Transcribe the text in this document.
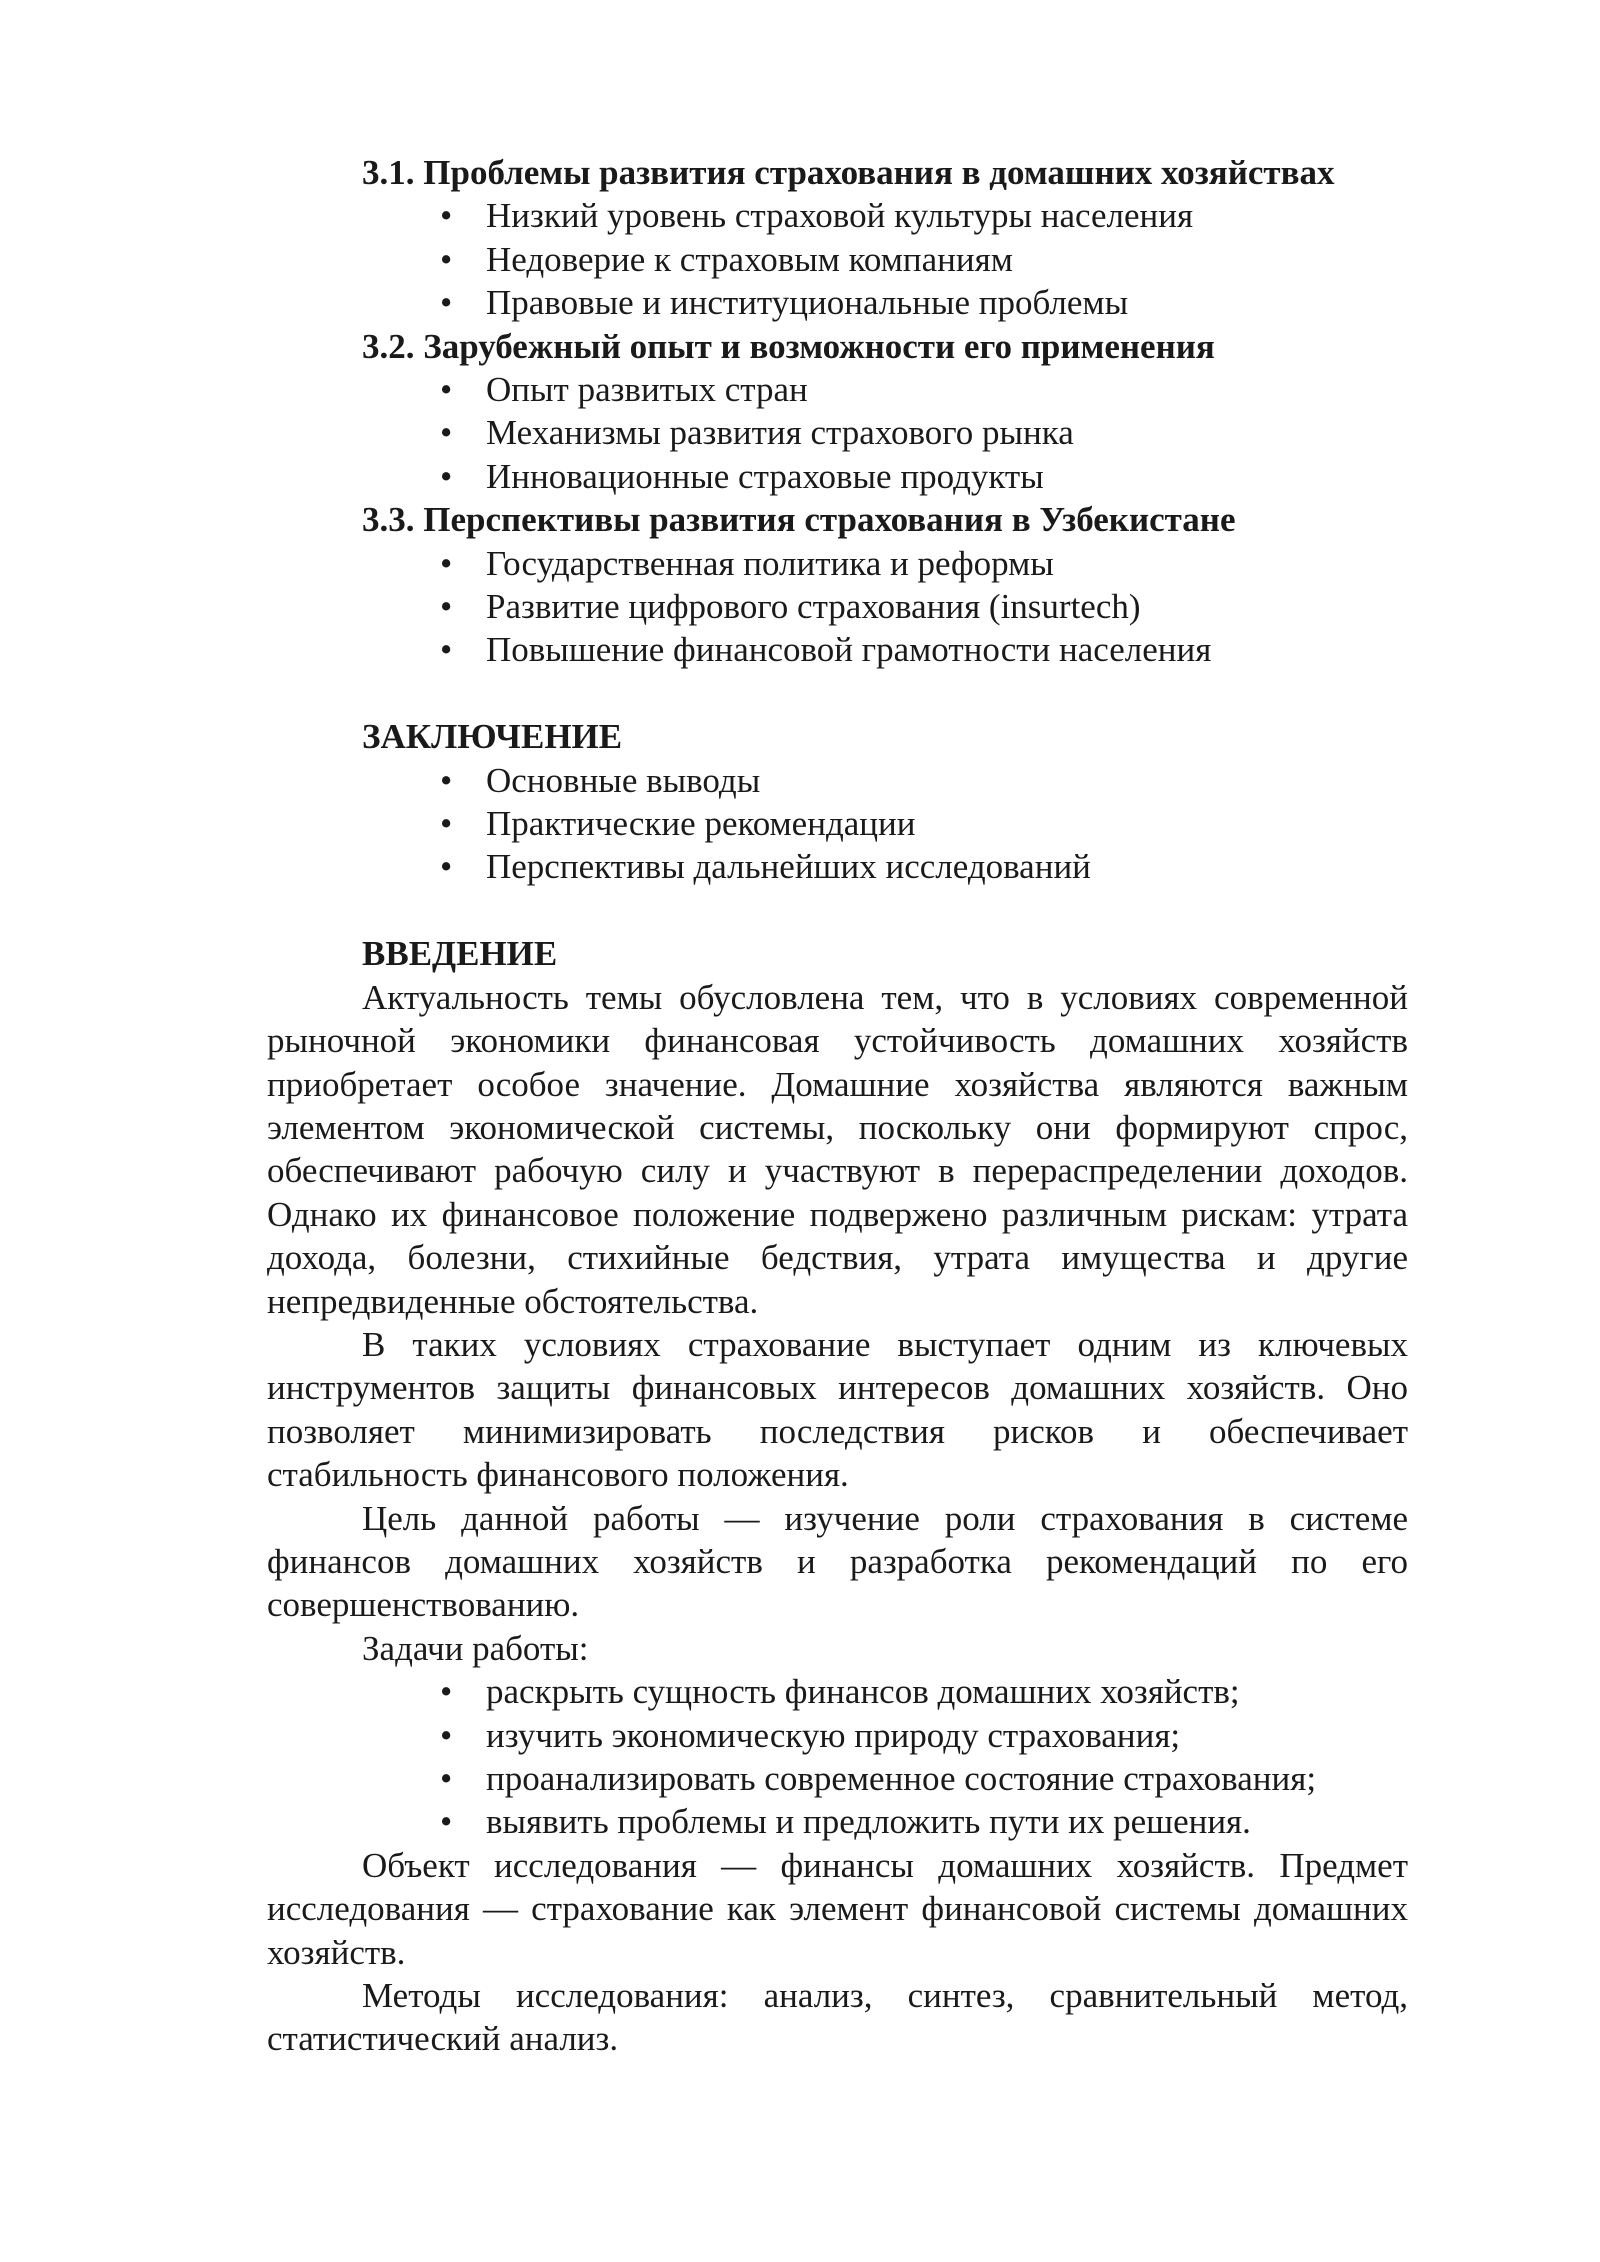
3.1. Проблемы развития страхования в домашних хозяйствах

• Низкий уровень страховой культуры населения
• Недоверие к страховым компаниям
• Правовые и институциональные проблемы

3.2. Зарубежный опыт и возможности его применения

• Опыт развитых стран
• Механизмы развития страхового рынка
• Инновационные страховые продукты

3.3. Перспективы развития страхования в Узбекистане

• Государственная политика и реформы
• Развитие цифрового страхования (insurtech)
• Повышение финансовой грамотности населения

ЗАКЛЮЧЕНИЕ

• Основные выводы
• Практические рекомендации
• Перспективы дальнейших исследований

ВВЕДЕНИЕ

Актуальность темы обусловлена тем, что в условиях современной рыночной экономики финансовая устойчивость домашних хозяйств приобретает особое значение. Домашние хозяйства являются важным элементом экономической системы, поскольку они формируют спрос, обеспечивают рабочую силу и участвуют в перераспределении доходов. Однако их финансовое положение подвержено различным рискам: утрата дохода, болезни, стихийные бедствия, утрата имущества и другие непредвиденные обстоятельства.

В таких условиях страхование выступает одним из ключевых инструментов защиты финансовых интересов домашних хозяйств. Оно позволяет минимизировать последствия рисков и обеспечивает стабильность финансового положения.

Цель данной работы — изучение роли страхования в системе финансов домашних хозяйств и разработка рекомендаций по его совершенствованию.

Задачи работы:

• раскрыть сущность финансов домашних хозяйств;
• изучить экономическую природу страхования;
• проанализировать современное состояние страхования;
• выявить проблемы и предложить пути их решения.

Объект исследования — финансы домашних хозяйств. Предмет исследования — страхование как элемент финансовой системы домашних хозяйств.

Методы исследования: анализ, синтез, сравнительный метод, статистический анализ.
